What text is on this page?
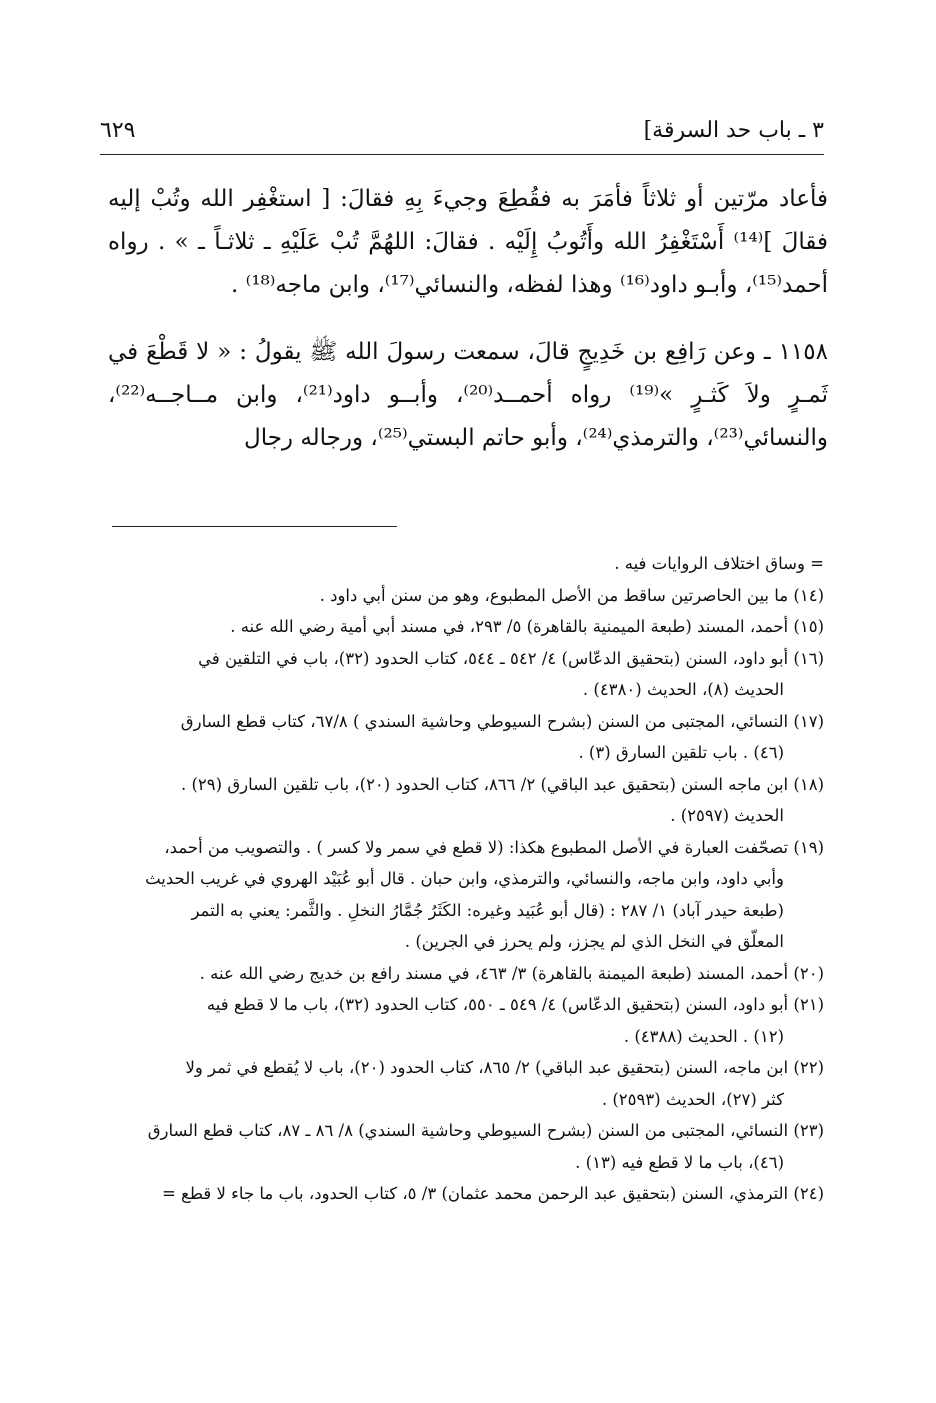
٣ ـ باب حد السرقة]
٦٢٩

فأعاد مرّتين أو ثلاثاً فأمَرَ به فقُطِعَ وجيءَ بِهِ فقالَ: [ استغْفِر الله وتُبْ إليه فقالَ ]⁽¹⁴⁾ أَسْتَغْفِرُ الله وأَتُوبُ إِلَيْه . فقالَ: اللهُمَّ تُبْ عَلَيْهِ ـ ثلاثـاً ـ » . رواه أحمد⁽¹⁵⁾، وأبـو داود⁽¹⁶⁾ وهذا لفظه، والنسائي⁽¹⁷⁾، وابن ماجه⁽¹⁸⁾ .

١١٥٨ ـ وعن رَافِع بن خَدِيجٍ قالَ، سمعت رسولَ الله ﷺ يقولُ : « لا قَطْعَ في ثَمـرٍ ولاَ كَثـرٍ »⁽¹⁹⁾ رواه أحمــد⁽²⁰⁾، وأبــو داود⁽²¹⁾، وابن مــاجــه⁽²²⁾، والنسائي⁽²³⁾، والترمذي⁽²⁴⁾، وأبو حاتم البستي⁽²⁵⁾، ورجاله رجال

= وساق اختلاف الروايات فيه .

(١٤) ما بين الحاصرتين ساقط من الأصل المطبوع، وهو من سنن أبي داود .

(١٥) أحمد، المسند (طبعة الميمنية بالقاهرة) ٥/ ٢٩٣، في مسند أبي أمية رضي الله عنه .

(١٦) أبو داود، السنن (بتحقيق الدعّاس) ٤/ ٥٤٢ ـ ٥٤٤، كتاب الحدود (٣٢)، باب في التلقين في

الحديث (٨)، الحديث (٤٣٨٠) .

(١٧) النسائي، المجتبى من السنن (بشرح السيوطي وحاشية السندي ) ٦٧/٨، كتاب قطع السارق

(٤٦) . باب تلقين السارق (٣) .

(١٨) ابن ماجه السنن (بتحقيق عبد الباقي) ٢/ ٨٦٦، كتاب الحدود (٢٠)، باب تلقين السارق (٢٩) .

الحديث (٢٥٩٧) .

(١٩) تصحّفت العبارة في الأصل المطبوع هكذا: (لا قطع في سمر ولا كسر ) . والتصويب من أحمد،

وأبي داود، وابن ماجه، والنسائي، والترمذي، وابن حبان . قال أبو عُبَيْد الهروي في غريب الحديث

(طبعة حيدر آباد) ١/ ٢٨٧ : (قال أبو عُبَيد وغيره: الكَثَرُ جُمَّارُ النخلِ . والثَّمر: يعني به التمر

المعلّق في النخل الذي لم يجزز، ولم يحرز في الجرين) .

(٢٠) أحمد، المسند (طبعة الميمنة بالقاهرة) ٣/ ٤٦٣، في مسند رافع بن خديج رضي الله عنه .

(٢١) أبو داود، السنن (بتحقيق الدعّاس) ٤/ ٥٤٩ ـ ٥٥٠، كتاب الحدود (٣٢)، باب ما لا قطع فيه

(١٢) . الحديث (٤٣٨٨) .

(٢٢) ابن ماجه، السنن (بتحقيق عبد الباقي) ٢/ ٨٦٥، كتاب الحدود (٢٠)، باب لا يُقطع في ثمر ولا

كثر (٢٧)، الحديث (٢٥٩٣) .

(٢٣) النسائي، المجتبى من السنن (بشرح السيوطي وحاشية السندي) ٨/ ٨٦ ـ ٨٧، كتاب قطع السارق

(٤٦)، باب ما لا قطع فيه (١٣) .

(٢٤) الترمذي، السنن (بتحقيق عبد الرحمن محمد عثمان) ٣/ ٥، كتاب الحدود، باب ما جاء لا قطع =
